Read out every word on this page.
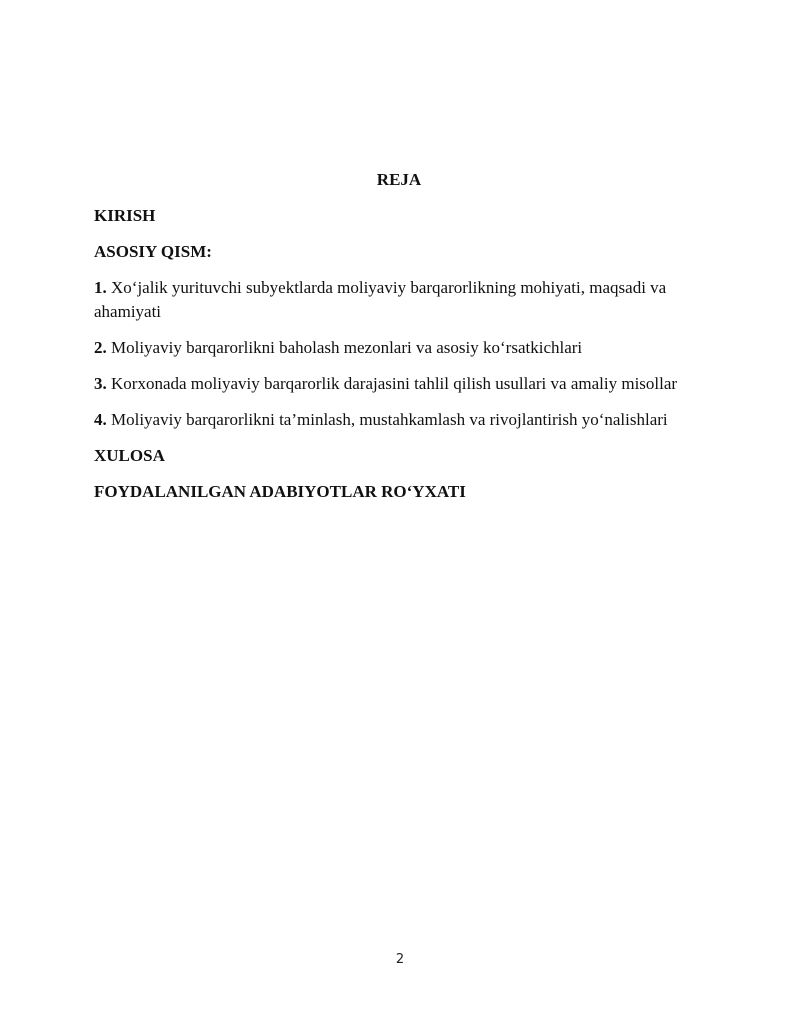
REJA
KIRISH
ASOSIY QISM:
1. Xo‘jalik yurituvchi subyektlarda moliyaviy barqarorlikning mohiyati, maqsadi va ahamiyati
2. Moliyaviy barqarorlikni baholash mezonlari va asosiy ko‘rsatkichlari
3. Korxonada moliyaviy barqarorlik darajasini tahlil qilish usullari va amaliy misollar
4. Moliyaviy barqarorlikni ta’minlash, mustahkamlash va rivojlantirish yo‘nalishlari
XULOSA
FOYDALANILGAN ADABIYOTLAR RO‘YXATI
2
